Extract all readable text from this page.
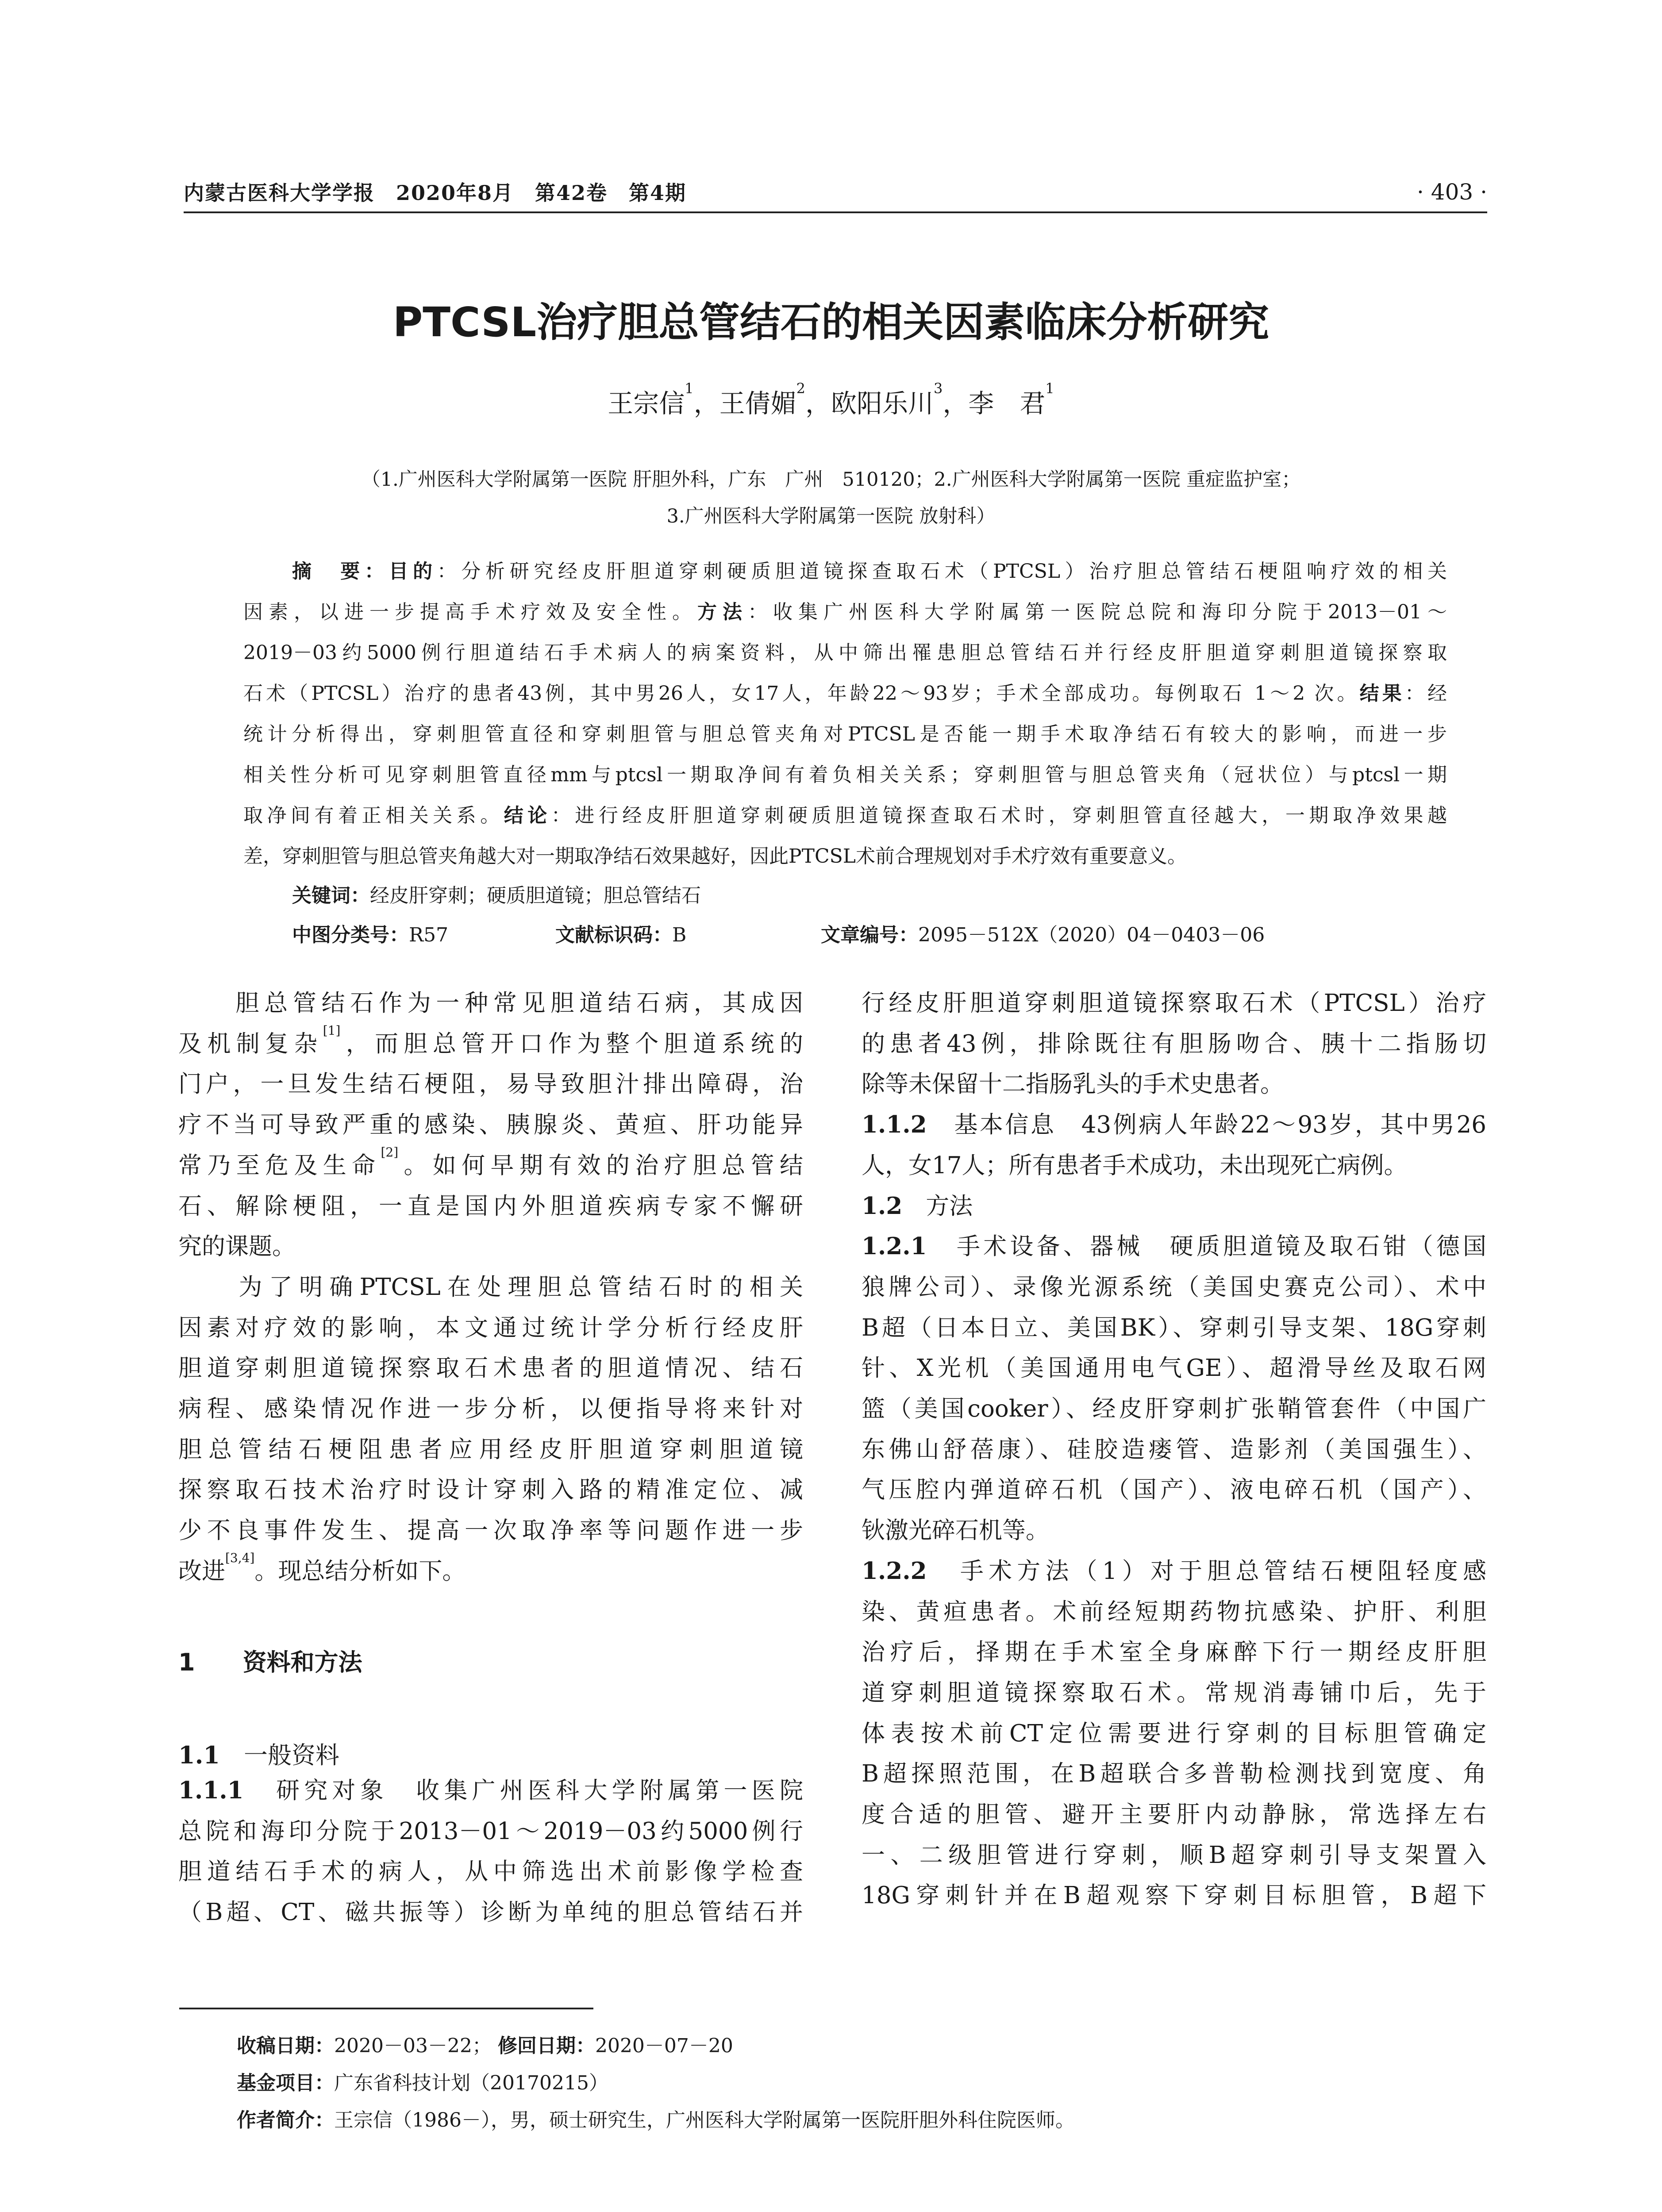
内蒙古医科大学学报　2020年8月　第42卷　第4期	· 403 ·
PTCSL治疗胆总管结石的相关因素临床分析研究
王宗信$^1$，王倩媚$^2$，欧阳乐川$^3$，李　君$^1$
（1.广州医科大学附属第一医院 肝胆外科，广东　广州　510120；2.广州医科大学附属第一医院 重症监护室；
3.广州医科大学附属第一医院 放射科）
摘　要：目的：分析研究经皮肝胆道穿刺硬质胆道镜探查取石术（PTCSL）治疗胆总管结石梗阻响疗效的相关
因素，以进一步提高手术疗效及安全性。方法：收集广州医科大学附属第一医院总院和海印分院于2013－01～
2019－03约5000例行胆道结石手术病人的病案资料，从中筛出罹患胆总管结石并行经皮肝胆道穿刺胆道镜探察取
石术（PTCSL）治疗的患者43例，其中男26人，女17人，年龄22～93岁；手术全部成功。每例取石 1～2 次。结果：经
统计分析得出，穿刺胆管直径和穿刺胆管与胆总管夹角对PTCSL是否能一期手术取净结石有较大的影响，而进一步
相关性分析可见穿刺胆管直径mm与ptcsl一期取净间有着负相关关系；穿刺胆管与胆总管夹角（冠状位）与ptcsl一期
取净间有着正相关关系。结论：进行经皮肝胆道穿刺硬质胆道镜探查取石术时，穿刺胆管直径越大，一期取净效果越
差，穿刺胆管与胆总管夹角越大对一期取净结石效果越好，因此PTCSL术前合理规划对手术疗效有重要意义。
关键词：经皮肝穿刺；硬质胆道镜；胆总管结石
中图分类号：R57	文献标识码：B	文章编号：2095－512X（2020）04－0403－06
　　胆总管结石作为一种常见胆道结石病，其成因
及机制复杂[1]，而胆总管开口作为整个胆道系统的
门户，一旦发生结石梗阻，易导致胆汁排出障碍，治
疗不当可导致严重的感染、胰腺炎、黄疸、肝功能异
常乃至危及生命[2]。如何早期有效的治疗胆总管结
石、解除梗阻，一直是国内外胆道疾病专家不懈研
究的课题。
　　为了明确PTCSL在处理胆总管结石时的相关
因素对疗效的影响，本文通过统计学分析行经皮肝
胆道穿刺胆道镜探察取石术患者的胆道情况、结石
病程、感染情况作进一步分析，以便指导将来针对
胆总管结石梗阻患者应用经皮肝胆道穿刺胆道镜
探察取石技术治疗时设计穿刺入路的精准定位、减
少不良事件发生、提高一次取净率等问题作进一步
改进[3,4]。现总结分析如下。
1　　 资料和方法
1.1　 一般资料
1.1.1　研究对象　收集广州医科大学附属第一医院
总院和海印分院于2013－01～2019－03约5000例行
胆道结石手术的病人，从中筛选出术前影像学检查
（B超、CT、磁共振等）诊断为单纯的胆总管结石并
行经皮肝胆道穿刺胆道镜探察取石术（PTCSL）治疗
的患者43例，排除既往有胆肠吻合、胰十二指肠切
除等未保留十二指肠乳头的手术史患者。
1.1.2　基本信息　43例病人年龄22～93岁，其中男26
人，女17人；所有患者手术成功，未出现死亡病例。
1.2　方法
1.2.1　手术设备、器械　硬质胆道镜及取石钳（德国
狼牌公司）、录像光源系统（美国史赛克公司）、术中
B超（日本日立、美国BK）、穿刺引导支架、18G穿刺
针、X光机（美国通用电气GE）、超滑导丝及取石网
篮（美国cooker）、经皮肝穿刺扩张鞘管套件（中国广
东佛山舒蓓康）、硅胶造瘘管、造影剂（美国强生）、
气压腔内弹道碎石机（国产）、液电碎石机（国产）、
钬激光碎石机等。
1.2.2　手术方法（1）对于胆总管结石梗阻轻度感
染、黄疸患者。术前经短期药物抗感染、护肝、利胆
治疗后，择期在手术室全身麻醉下行一期经皮肝胆
道穿刺胆道镜探察取石术。常规消毒铺巾后，先于
体表按术前CT定位需要进行穿刺的目标胆管确定
B超探照范围，在B超联合多普勒检测找到宽度、角
度合适的胆管、避开主要肝内动静脉，常选择左右
一、二级胆管进行穿刺，顺B超穿刺引导支架置入
18G穿刺针并在B超观察下穿刺目标胆管，B超下
收稿日期：2020－03－22； 修回日期：2020－07－20
基金项目：广东省科技计划（20170215）
作者简介：王宗信（1986－），男，硕士研究生，广州医科大学附属第一医院肝胆外科住院医师。
